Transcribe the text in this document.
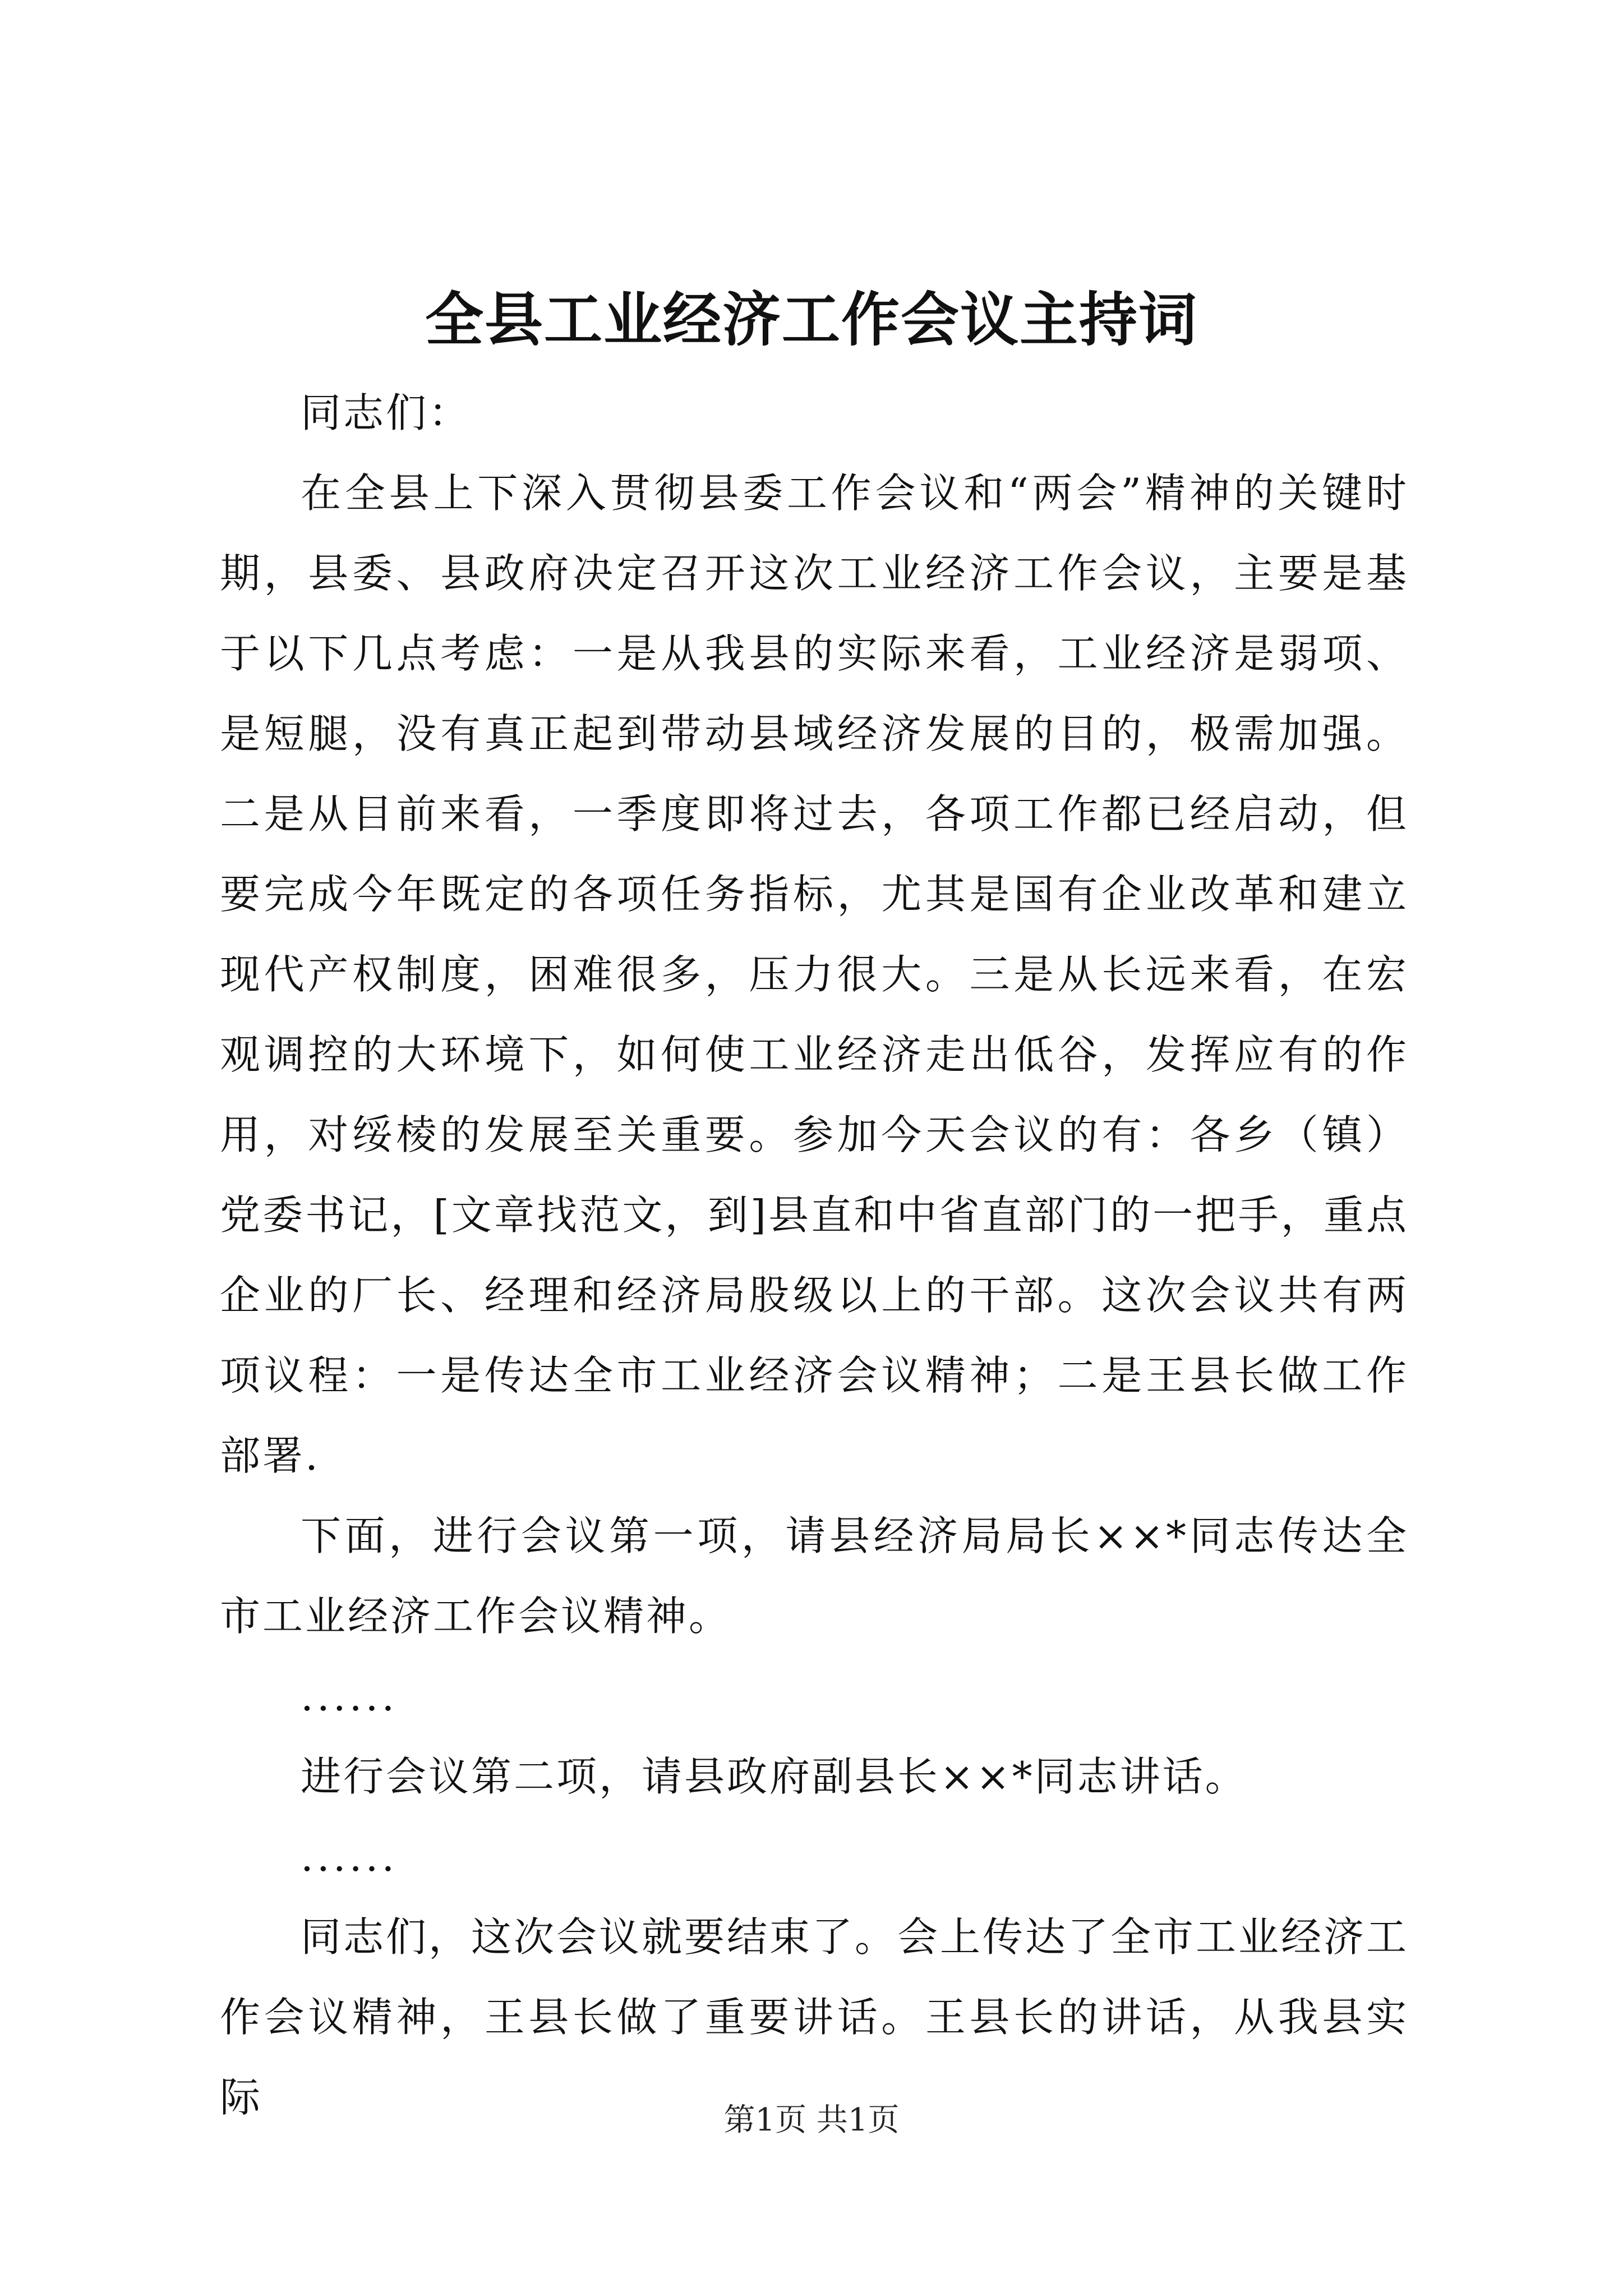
全县工业经济工作会议主持词

同志们：

在全县上下深入贯彻县委工作会议和“两会”精神的关键时期，县委、县政府决定召开这次工业经济工作会议，主要是基于以下几点考虑：一是从我县的实际来看，工业经济是弱项、是短腿，没有真正起到带动县域经济发展的目的，极需加强。二是从目前来看，一季度即将过去，各项工作都已经启动，但要完成今年既定的各项任务指标，尤其是国有企业改革和建立现代产权制度，困难很多，压力很大。三是从长远来看，在宏观调控的大环境下，如何使工业经济走出低谷，发挥应有的作用，对绥棱的发展至关重要。参加今天会议的有：各乡（镇）党委书记，[文章找范文，到]县直和中省直部门的一把手，重点企业的厂长、经理和经济局股级以上的干部。这次会议共有两项议程：一是传达全市工业经济会议精神；二是王县长做工作部署.

下面，进行会议第一项，请县经济局局长××*同志传达全市工业经济工作会议精神。

......

进行会议第二项，请县政府副县长××*同志讲话。

......

同志们，这次会议就要结束了。会上传达了全市工业经济工作会议精神，王县长做了重要讲话。王县长的讲话，从我县实际	第1页 共1页
